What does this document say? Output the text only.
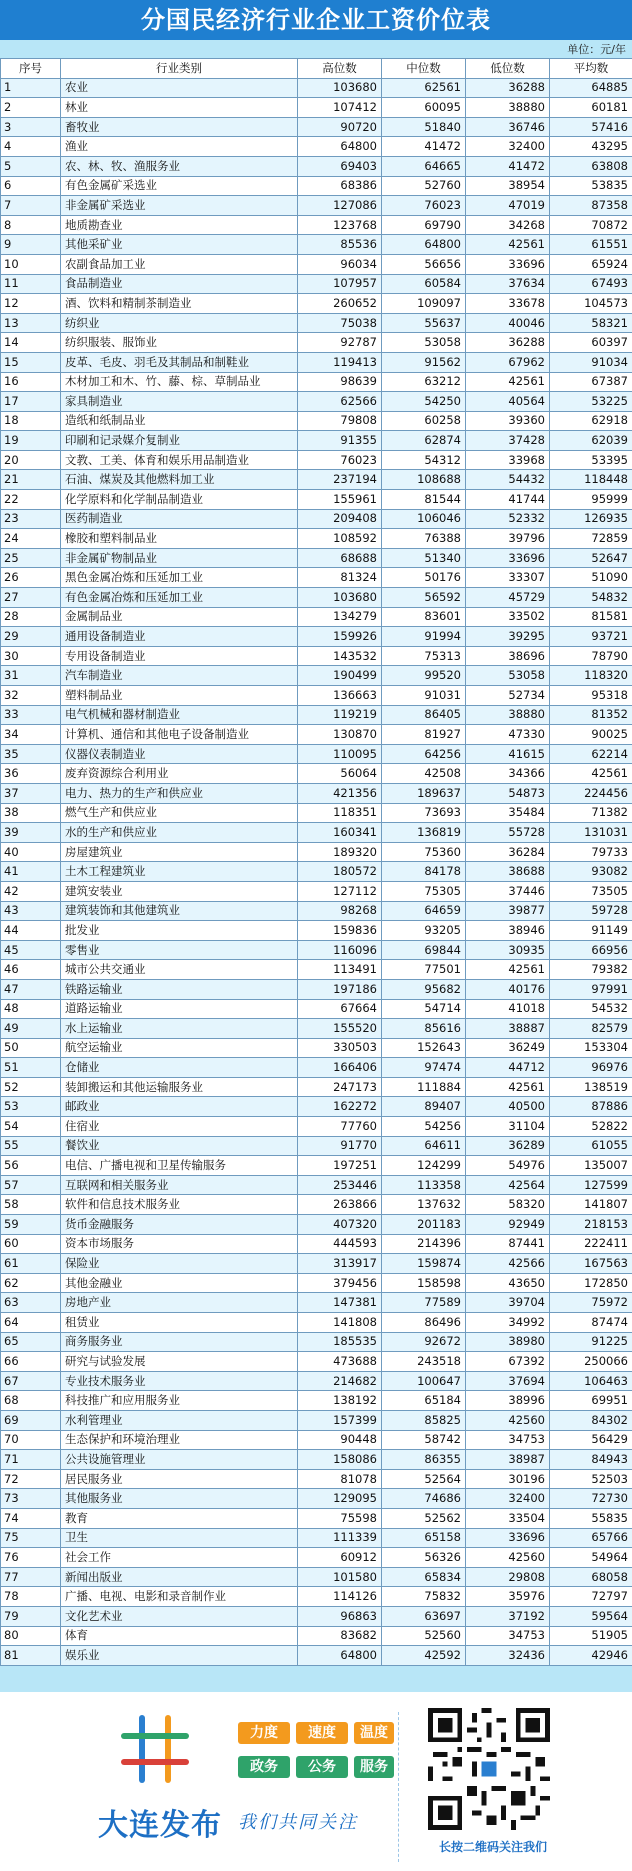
分国民经济行业企业工资价位表
单位：元/年
序号	行业类别	高位数	中位数	低位数	平均数
1	农业	103680	62561	36288	64885
2	林业	107412	60095	38880	60181
3	畜牧业	90720	51840	36746	57416
4	渔业	64800	41472	32400	43295
5	农、林、牧、渔服务业	69403	64665	41472	63808
6	有色金属矿采选业	68386	52760	38954	53835
7	非金属矿采选业	127086	76023	47019	87358
8	地质勘查业	123768	69790	34268	70872
9	其他采矿业	85536	64800	42561	61551
10	农副食品加工业	96034	56656	33696	65924
11	食品制造业	107957	60584	37634	67493
12	酒、饮料和精制茶制造业	260652	109097	33678	104573
13	纺织业	75038	55637	40046	58321
14	纺织服装、服饰业	92787	53058	36288	60397
15	皮革、毛皮、羽毛及其制品和制鞋业	119413	91562	67962	91034
16	木材加工和木、竹、藤、棕、草制品业	98639	63212	42561	67387
17	家具制造业	62566	54250	40564	53225
18	造纸和纸制品业	79808	60258	39360	62918
19	印刷和记录媒介复制业	91355	62874	37428	62039
20	文教、工美、体育和娱乐用品制造业	76023	54312	33968	53395
21	石油、煤炭及其他燃料加工业	237194	108688	54432	118448
22	化学原料和化学制品制造业	155961	81544	41744	95999
23	医药制造业	209408	106046	52332	126935
24	橡胶和塑料制品业	108592	76388	39796	72859
25	非金属矿物制品业	68688	51340	33696	52647
26	黑色金属冶炼和压延加工业	81324	50176	33307	51090
27	有色金属冶炼和压延加工业	103680	56592	45729	54832
28	金属制品业	134279	83601	33502	81581
29	通用设备制造业	159926	91994	39295	93721
30	专用设备制造业	143532	75313	38696	78790
31	汽车制造业	190499	99520	53058	118320
32	塑料制品业	136663	91031	52734	95318
33	电气机械和器材制造业	119219	86405	38880	81352
34	计算机、通信和其他电子设备制造业	130870	81927	47330	90025
35	仪器仪表制造业	110095	64256	41615	62214
36	废弃资源综合利用业	56064	42508	34366	42561
37	电力、热力的生产和供应业	421356	189637	54873	224456
38	燃气生产和供应业	118351	73693	35484	71382
39	水的生产和供应业	160341	136819	55728	131031
40	房屋建筑业	189320	75360	36284	79733
41	土木工程建筑业	180572	84178	38688	93082
42	建筑安装业	127112	75305	37446	73505
43	建筑装饰和其他建筑业	98268	64659	39877	59728
44	批发业	159836	93205	38946	91149
45	零售业	116096	69844	30935	66956
46	城市公共交通业	113491	77501	42561	79382
47	铁路运输业	197186	95682	40176	97991
48	道路运输业	67664	54714	41018	54532
49	水上运输业	155520	85616	38887	82579
50	航空运输业	330503	152643	36249	153304
51	仓储业	166406	97474	44712	96976
52	装卸搬运和其他运输服务业	247173	111884	42561	138519
53	邮政业	162272	89407	40500	87886
54	住宿业	77760	54256	31104	52822
55	餐饮业	91770	64611	36289	61055
56	电信、广播电视和卫星传输服务	197251	124299	54976	135007
57	互联网和相关服务业	253446	113358	42564	127599
58	软件和信息技术服务业	263866	137632	58320	141807
59	货币金融服务	407320	201183	92949	218153
60	资本市场服务	444593	214396	87441	222411
61	保险业	313917	159874	42566	167563
62	其他金融业	379456	158598	43650	172850
63	房地产业	147381	77589	39704	75972
64	租赁业	141808	86496	34992	87474
65	商务服务业	185535	92672	38980	91225
66	研究与试验发展	473688	243518	67392	250066
67	专业技术服务业	214682	100647	37694	106463
68	科技推广和应用服务业	138192	65184	38996	69951
69	水利管理业	157399	85825	42560	84302
70	生态保护和环境治理业	90448	58742	34753	56429
71	公共设施管理业	158086	86355	38987	84943
72	居民服务业	81078	52564	30196	52503
73	其他服务业	129095	74686	32400	72730
74	教育	75598	52562	33504	55835
75	卫生	111339	65158	33696	65766
76	社会工作	60912	56326	42560	54964
77	新闻出版业	101580	65834	29808	68058
78	广播、电视、电影和录音制作业	114126	75832	35976	72797
79	文化艺术业	96863	63697	37192	59564
80	体育	83682	52560	34753	51905
81	娱乐业	64800	42592	32436	42946
大连发布
力度	速度	温度
政务	公务	服务
我们共同关注
长按二维码关注我们
